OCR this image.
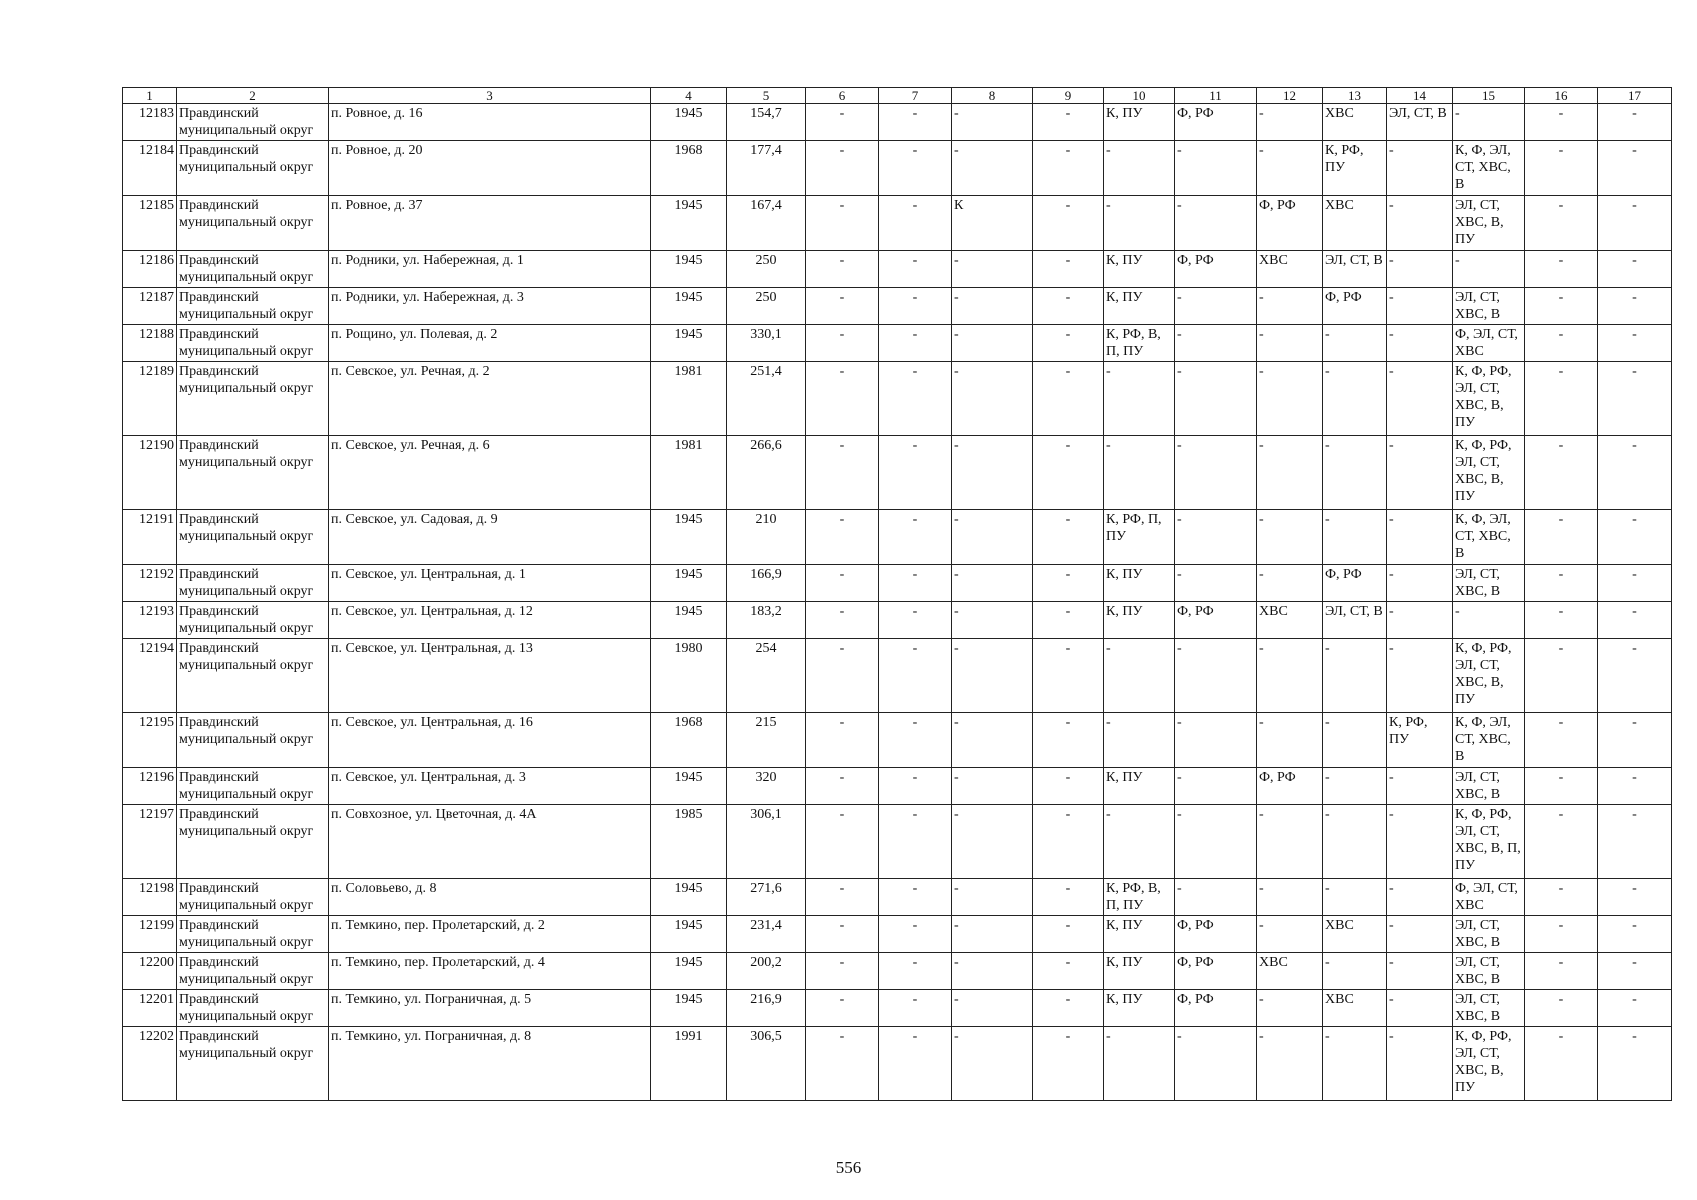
1	2	3	4	5	6	7	8	9	10	11	12	13	14	15	16	17
12183	Правдинский муниципальный округ	п. Ровное, д. 16	1945	154,7	-	-	-	-	К, ПУ	Ф, РФ	-	ХВС	ЭЛ, СТ, В	-	-	-
12184	Правдинский муниципальный округ	п. Ровное, д. 20	1968	177,4	-	-	-	-	-	-	-	К, РФ, ПУ	-	К, Ф, ЭЛ, СТ, ХВС, В	-	-
12185	Правдинский муниципальный округ	п. Ровное, д. 37	1945	167,4	-	-	К	-	-	-	Ф, РФ	ХВС	-	ЭЛ, СТ, ХВС, В, ПУ	-	-
12186	Правдинский муниципальный округ	п. Родники, ул. Набережная, д. 1	1945	250	-	-	-	-	К, ПУ	Ф, РФ	ХВС	ЭЛ, СТ, В	-	-	-	-
12187	Правдинский муниципальный округ	п. Родники, ул. Набережная, д. 3	1945	250	-	-	-	-	К, ПУ	-	-	Ф, РФ	-	ЭЛ, СТ, ХВС, В	-	-
12188	Правдинский муниципальный округ	п. Рощино, ул. Полевая, д. 2	1945	330,1	-	-	-	-	К, РФ, В, П, ПУ	-	-	-	-	Ф, ЭЛ, СТ, ХВС	-	-
12189	Правдинский муниципальный округ	п. Севское, ул. Речная, д. 2	1981	251,4	-	-	-	-	-	-	-	-	-	К, Ф, РФ, ЭЛ, СТ, ХВС, В, ПУ	-	-
12190	Правдинский муниципальный округ	п. Севское, ул. Речная, д. 6	1981	266,6	-	-	-	-	-	-	-	-	-	К, Ф, РФ, ЭЛ, СТ, ХВС, В, ПУ	-	-
12191	Правдинский муниципальный округ	п. Севское, ул. Садовая, д. 9	1945	210	-	-	-	-	К, РФ, П, ПУ	-	-	-	-	К, Ф, ЭЛ, СТ, ХВС, В	-	-
12192	Правдинский муниципальный округ	п. Севское, ул. Центральная, д. 1	1945	166,9	-	-	-	-	К, ПУ	-	-	Ф, РФ	-	ЭЛ, СТ, ХВС, В	-	-
12193	Правдинский муниципальный округ	п. Севское, ул. Центральная, д. 12	1945	183,2	-	-	-	-	К, ПУ	Ф, РФ	ХВС	ЭЛ, СТ, В	-	-	-	-
12194	Правдинский муниципальный округ	п. Севское, ул. Центральная, д. 13	1980	254	-	-	-	-	-	-	-	-	-	К, Ф, РФ, ЭЛ, СТ, ХВС, В, ПУ	-	-
12195	Правдинский муниципальный округ	п. Севское, ул. Центральная, д. 16	1968	215	-	-	-	-	-	-	-	-	К, РФ, ПУ	К, Ф, ЭЛ, СТ, ХВС, В	-	-
12196	Правдинский муниципальный округ	п. Севское, ул. Центральная, д. 3	1945	320	-	-	-	-	К, ПУ	-	Ф, РФ	-	-	ЭЛ, СТ, ХВС, В	-	-
12197	Правдинский муниципальный округ	п. Совхозное, ул. Цветочная, д. 4А	1985	306,1	-	-	-	-	-	-	-	-	-	К, Ф, РФ, ЭЛ, СТ, ХВС, В, П, ПУ	-	-
12198	Правдинский муниципальный округ	п. Соловьево, д. 8	1945	271,6	-	-	-	-	К, РФ, В, П, ПУ	-	-	-	-	Ф, ЭЛ, СТ, ХВС	-	-
12199	Правдинский муниципальный округ	п. Темкино, пер. Пролетарский, д. 2	1945	231,4	-	-	-	-	К, ПУ	Ф, РФ	-	ХВС	-	ЭЛ, СТ, ХВС, В	-	-
12200	Правдинский муниципальный округ	п. Темкино, пер. Пролетарский, д. 4	1945	200,2	-	-	-	-	К, ПУ	Ф, РФ	ХВС	-	-	ЭЛ, СТ, ХВС, В	-	-
12201	Правдинский муниципальный округ	п. Темкино, ул. Пограничная, д. 5	1945	216,9	-	-	-	-	К, ПУ	Ф, РФ	-	ХВС	-	ЭЛ, СТ, ХВС, В	-	-
12202	Правдинский муниципальный округ	п. Темкино, ул. Пограничная, д. 8	1991	306,5	-	-	-	-	-	-	-	-	-	К, Ф, РФ, ЭЛ, СТ, ХВС, В, ПУ	-	-
556
